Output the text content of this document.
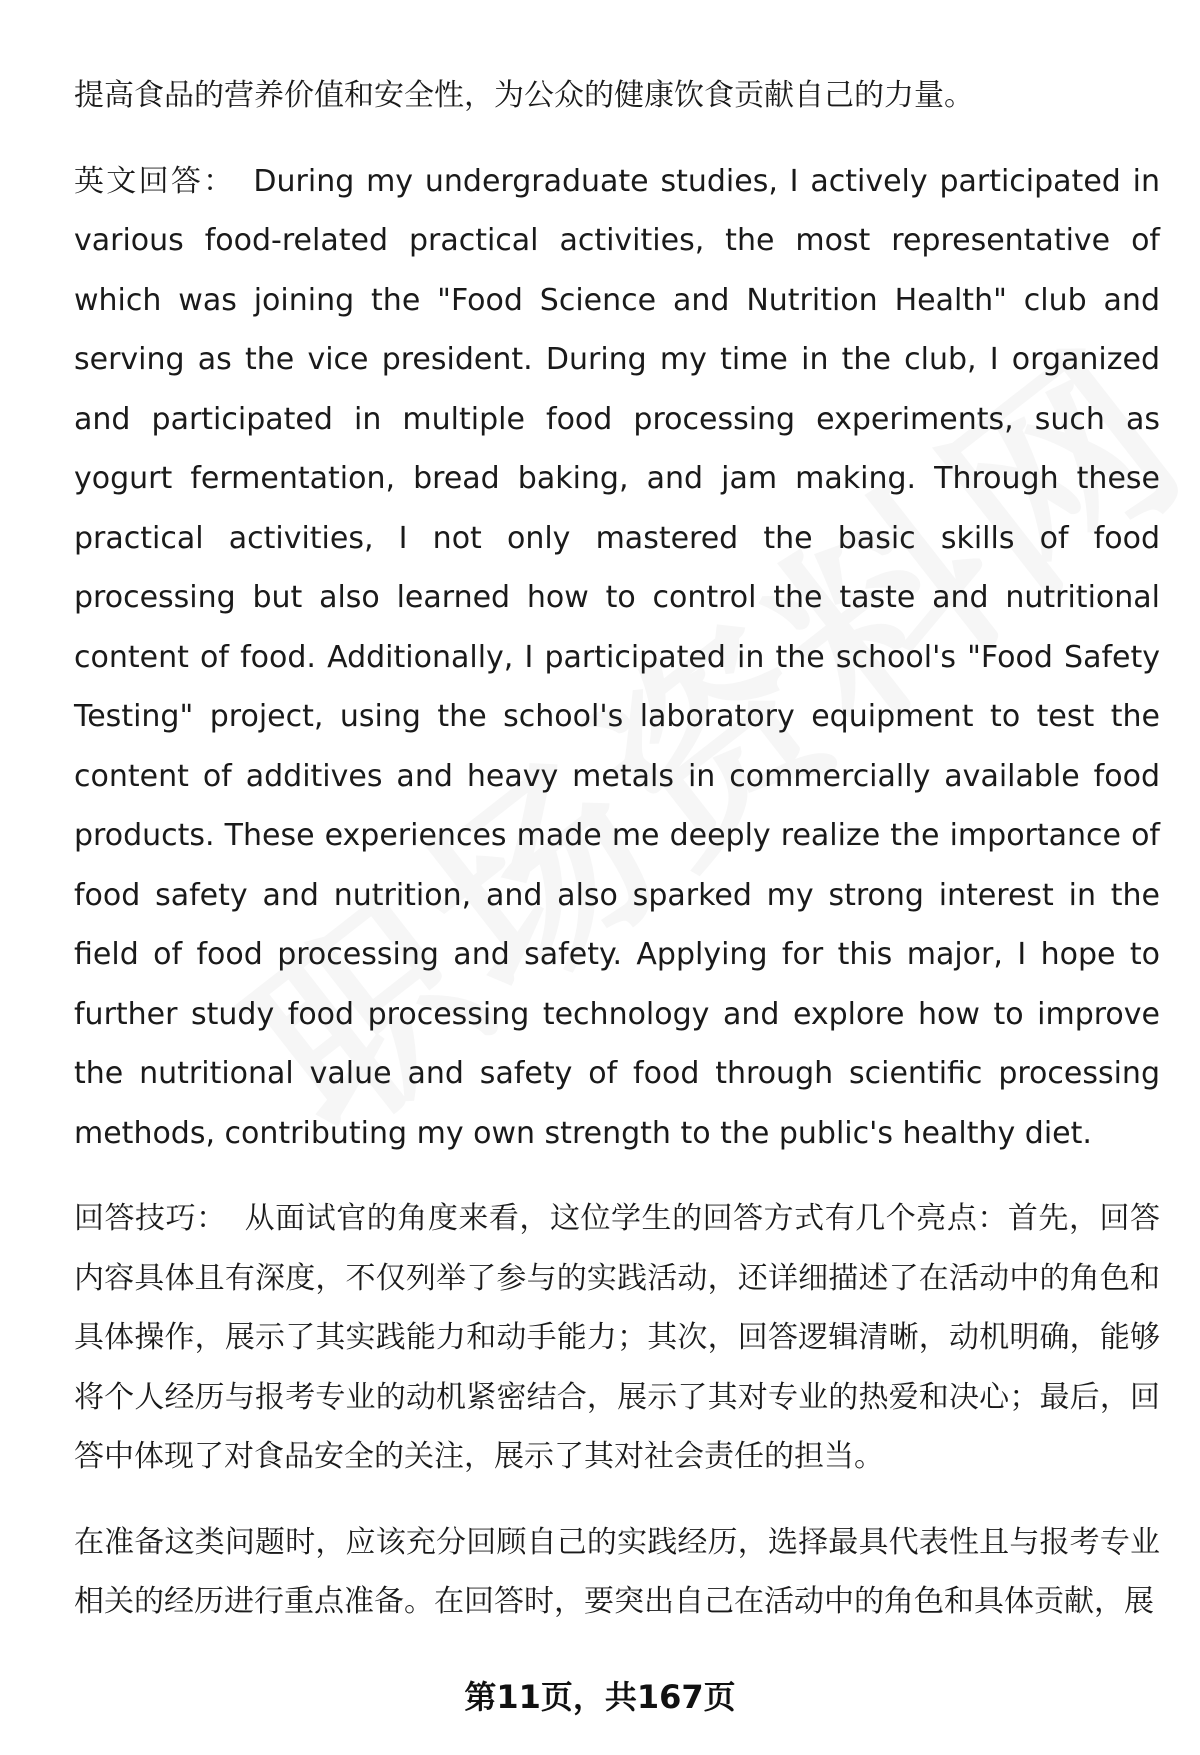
提高食品的营养价值和安全性，为公众的健康饮食贡献自己的力量。

英文回答： During my undergraduate studies, I actively participated in various food-related practical activities, the most representative of which was joining the "Food Science and Nutrition Health" club and serving as the vice president. During my time in the club, I organized and participated in multiple food processing experiments, such as yogurt fermentation, bread baking, and jam making. Through these practical activities, I not only mastered the basic skills of food processing but also learned how to control the taste and nutritional content of food. Additionally, I participated in the school's "Food Safety Testing" project, using the school's laboratory equipment to test the content of additives and heavy metals in commercially available food products. These experiences made me deeply realize the importance of food safety and nutrition, and also sparked my strong interest in the field of food processing and safety. Applying for this major, I hope to further study food processing technology and explore how to improve the nutritional value and safety of food through scientific processing methods, contributing my own strength to the public's healthy diet.

回答技巧： 从面试官的角度来看，这位学生的回答方式有几个亮点：首先，回答内容具体且有深度，不仅列举了参与的实践活动，还详细描述了在活动中的角色和具体操作，展示了其实践能力和动手能力；其次，回答逻辑清晰，动机明确，能够将个人经历与报考专业的动机紧密结合，展示了其对专业的热爱和决心；最后，回答中体现了对食品安全的关注，展示了其对社会责任的担当。

在准备这类问题时，应该充分回顾自己的实践经历，选择最具代表性且与报考专业相关的经历进行重点准备。在回答时，要突出自己在活动中的角色和具体贡献，展

第11页，共167页
